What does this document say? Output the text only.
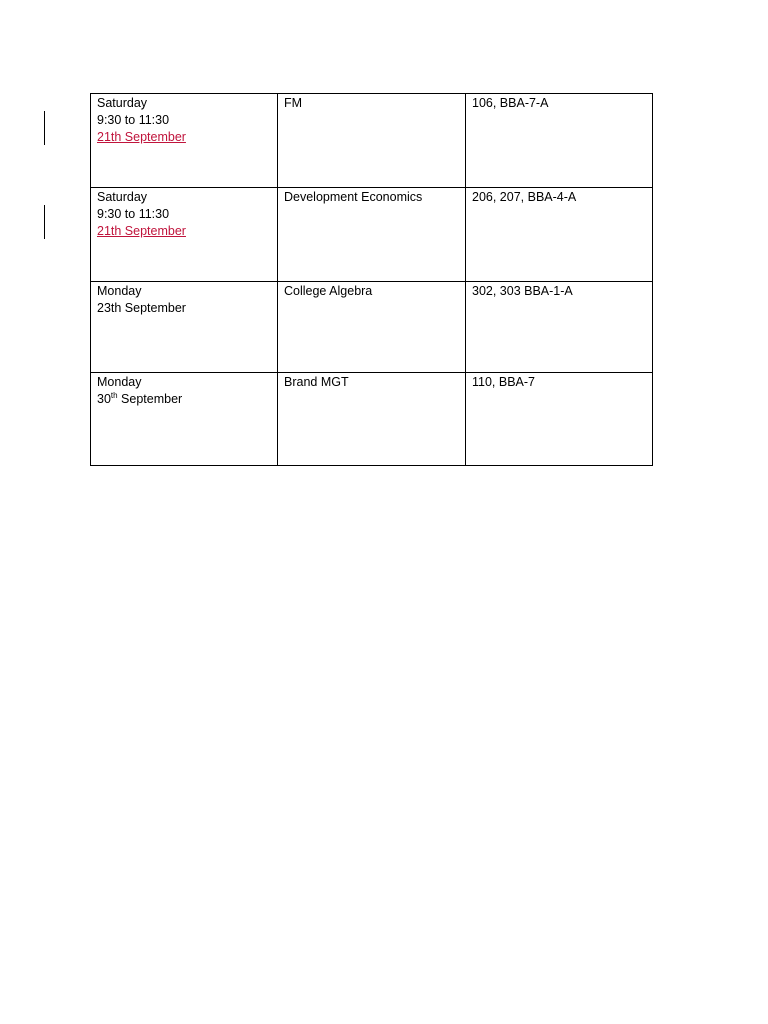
Saturday
9:30 to 11:30
21th September	FM	106, BBA-7-A

Saturday
9:30 to 11:30
21th September	Development Economics	206, 207, BBA-4-A

Monday
23th September	College Algebra	302, 303 BBA-1-A

Monday
30th September	Brand MGT	110, BBA-7
